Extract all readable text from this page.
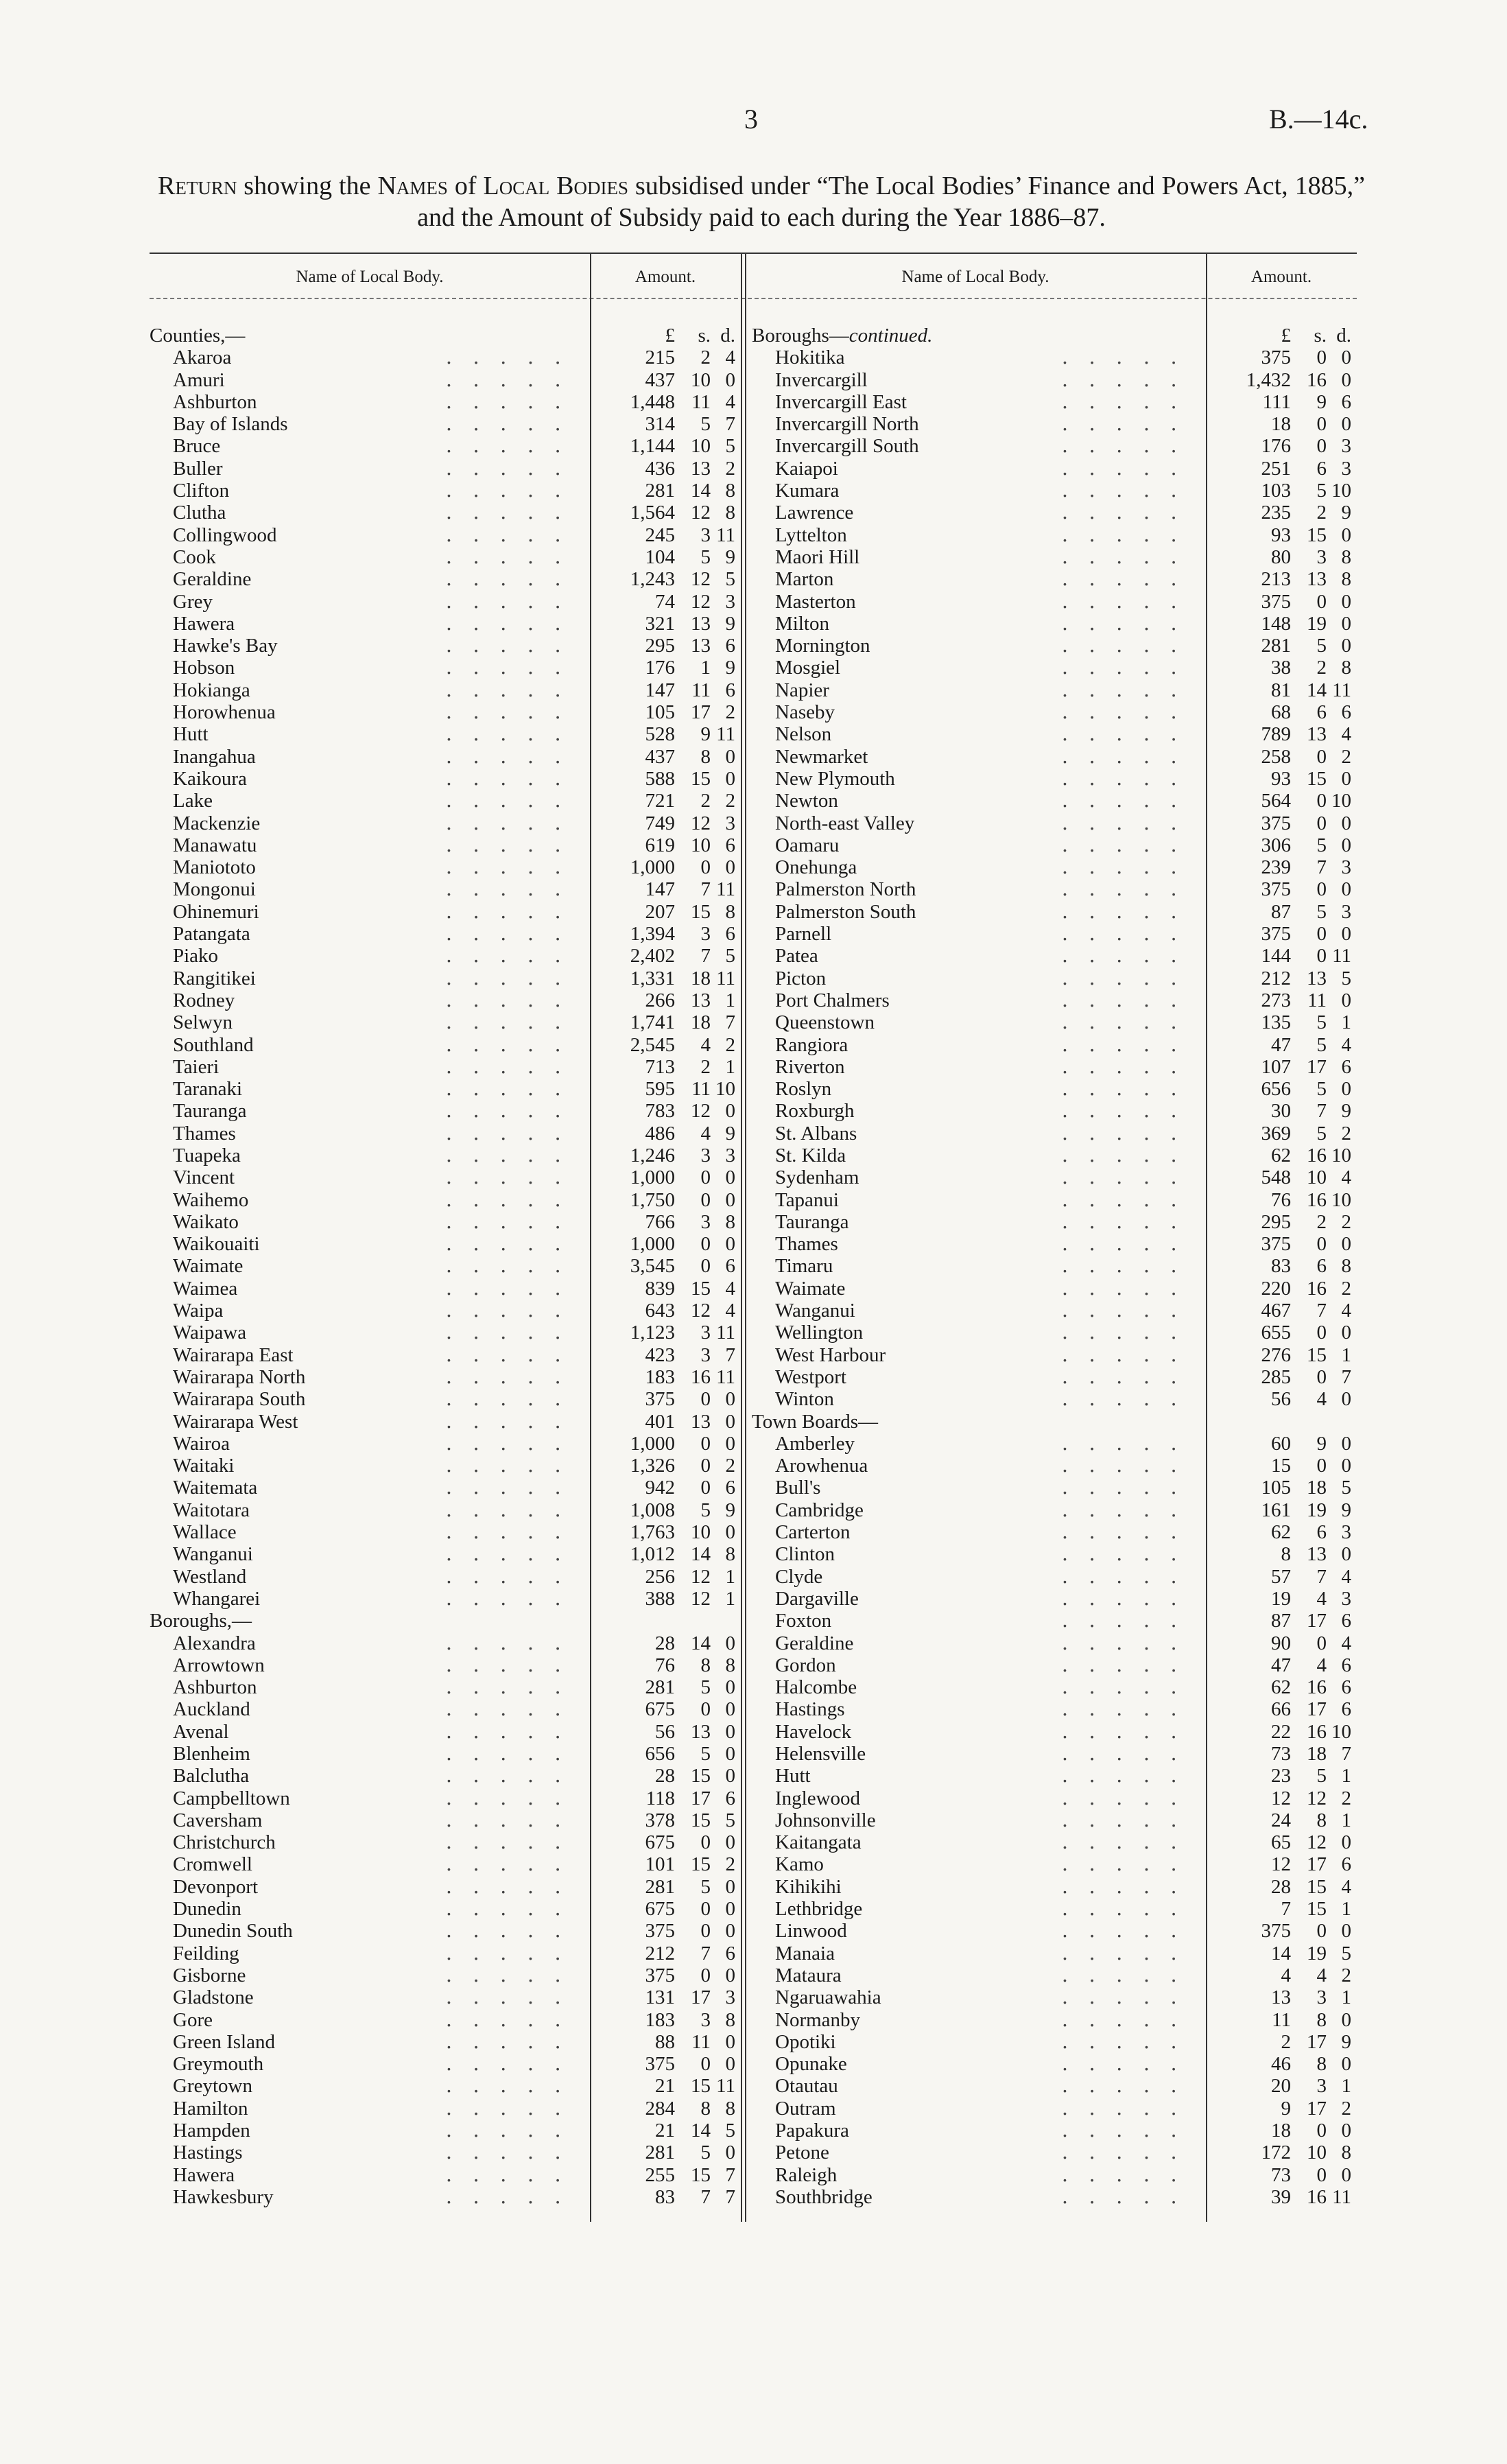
3	B.—14c.
Return showing the Names of Local Bodies subsidised under “The Local Bodies’ Finance and Powers Act, 1885,” and the Amount of Subsidy paid to each during the Year 1886–87.
Name of Local Body.	Amount.	Name of Local Body.	Amount.
Counties,—	£ s. d.
Akaroa	․․․․․	215 2 4
Amuri	․․․․․	437 10 0
Ashburton	․․․․․ 1,448 11 4
Bay of Islands	․․․․․	314 5 7
Bruce	․․․․․ 1,144 10 5
Buller	․․․․․	436 13 2
Clifton	․․․․․	281 14 8
Clutha	․․․․․ 1,564 12 8
Collingwood	․․․․․	245 3 11
Cook	․․․․․	104 5 9
Geraldine	․․․․․ 1,243 12 5
Grey	․․․․․	74 12 3
Hawera	․․․․․	321 13 9
Hawke's Bay	․․․․․	295 13 6
Hobson	․․․․․	176 1 9
Hokianga	․․․․․	147 11 6
Horowhenua	․․․․․	105 17 2
Hutt	․․․․․	528 9 11
Inangahua	․․․․․	437 8 0
Kaikoura	․․․․․	588 15 0
Lake	․․․․․	721 2 2
Mackenzie	․․․․․	749 12 3
Manawatu	․․․․․	619 10 6
Maniototo	․․․․․ 1,000 0 0
Mongonui	․․․․․	147 7 11
Ohinemuri	․․․․․	207 15 8
Patangata	․․․․․ 1,394 3 6
Piako	․․․․․ 2,402 7 5
Rangitikei	․․․․․ 1,331 18 11
Rodney	․․․․․	266 13 1
Selwyn	․․․․․ 1,741 18 7
Southland	․․․․․ 2,545 4 2
Taieri	․․․․․	713 2 1
Taranaki	․․․․․	595 11 10
Tauranga	․․․․․	783 12 0
Thames	․․․․․	486 4 9
Tuapeka	․․․․․ 1,246 3 3
Vincent	․․․․․ 1,000 0 0
Waihemo	․․․․․ 1,750 0 0
Waikato	․․․․․	766 3 8
Waikouaiti	․․․․․ 1,000 0 0
Waimate	․․․․․ 3,545 0 6
Waimea	․․․․․	839 15 4
Waipa	․․․․․	643 12 4
Waipawa	․․․․․ 1,123 3 11
Wairarapa East	․․․․․	423 3 7
Wairarapa North	․․․․․	183 16 11
Wairarapa South	․․․․․	375 0 0
Wairarapa West	․․․․․	401 13 0
Wairoa	․․․․․ 1,000 0 0
Waitaki	․․․․․ 1,326 0 2
Waitemata	․․․․․	942 0 6
Waitotara	․․․․․ 1,008 5 9
Wallace	․․․․․ 1,763 10 0
Wanganui	․․․․․ 1,012 14 8
Westland	․․․․․	256 12 1
Whangarei	․․․․․	388 12 1
Boroughs,—
Alexandra	․․․․․	28 14 0
Arrowtown	․․․․․	76 8 8
Ashburton	․․․․․	281 5 0
Auckland	․․․․․	675 0 0
Avenal	․․․․․	56 13 0
Blenheim	․․․․․	656 5 0
Balclutha	․․․․․	28 15 0
Campbelltown	․․․․․	118 17 6
Caversham	․․․․․	378 15 5
Christchurch	․․․․․	675 0 0
Cromwell	․․․․․	101 15 2
Devonport	․․․․․	281 5 0
Dunedin	․․․․․	675 0 0
Dunedin South	․․․․․	375 0 0
Feilding	․․․․․	212 7 6
Gisborne	․․․․․	375 0 0
Gladstone	․․․․․	131 17 3
Gore	․․․․․	183 3 8
Green Island	․․․․․	88 11 0
Greymouth	․․․․․	375 0 0
Greytown	․․․․․	21 15 11
Hamilton	․․․․․	284 8 8
Hampden	․․․․․	21 14 5
Hastings	․․․․․	281 5 0
Hawera	․․․․․	255 15 7
Hawkesbury	․․․․․	83 7 7
Boroughs—continued.	£ s. d.
Hokitika	․․․․․	375 0 0
Invercargill	․․․․․ 1,432 16 0
Invercargill East	․․․․․	111 9 6
Invercargill North	․․․․․	18 0 0
Invercargill South	․․․․․	176 0 3
Kaiapoi	․․․․․	251 6 3
Kumara	․․․․․	103 5 10
Lawrence	․․․․․	235 2 9
Lyttelton	․․․․․	93 15 0
Maori Hill	․․․․․	80 3 8
Marton	․․․․․	213 13 8
Masterton	․․․․․	375 0 0
Milton	․․․․․	148 19 0
Mornington	․․․․․	281 5 0
Mosgiel	․․․․․	38 2 8
Napier	․․․․․	81 14 11
Naseby	․․․․․	68 6 6
Nelson	․․․․․	789 13 4
Newmarket	․․․․․	258 0 2
New Plymouth	․․․․․	93 15 0
Newton	․․․․․	564 0 10
North-east Valley	․․․․․	375 0 0
Oamaru	․․․․․	306 5 0
Onehunga	․․․․․	239 7 3
Palmerston North	․․․․․	375 0 0
Palmerston South	․․․․․	87 5 3
Parnell	․․․․․	375 0 0
Patea	․․․․․	144 0 11
Picton	․․․․․	212 13 5
Port Chalmers	․․․․․	273 11 0
Queenstown	․․․․․	135 5 1
Rangiora	․․․․․	47 5 4
Riverton	․․․․․	107 17 6
Roslyn	․․․․․	656 5 0
Roxburgh	․․․․․	30 7 9
St. Albans	․․․․․	369 5 2
St. Kilda	․․․․․	62 16 10
Sydenham	․․․․․	548 10 4
Tapanui	․․․․․	76 16 10
Tauranga	․․․․․	295 2 2
Thames	․․․․․	375 0 0
Timaru	․․․․․	83 6 8
Waimate	․․․․․	220 16 2
Wanganui	․․․․․	467 7 4
Wellington	․․․․․	655 0 0
West Harbour	․․․․․	276 15 1
Westport	․․․․․	285 0 7
Winton	․․․․․	56 4 0
Town Boards—
Amberley	․․․․․	60 9 0
Arowhenua	․․․․․	15 0 0
Bull's	․․․․․	105 18 5
Cambridge	․․․․․	161 19 9
Carterton	․․․․․	62 6 3
Clinton	․․․․․	8 13 0
Clyde	․․․․․	57 7 4
Dargaville	․․․․․	19 4 3
Foxton	․․․․․	87 17 6
Geraldine	․․․․․	90 0 4
Gordon	․․․․․	47 4 6
Halcombe	․․․․․	62 16 6
Hastings	․․․․․	66 17 6
Havelock	․․․․․	22 16 10
Helensville	․․․․․	73 18 7
Hutt	․․․․․	23 5 1
Inglewood	․․․․․	12 12 2
Johnsonville	․․․․․	24 8 1
Kaitangata	․․․․․	65 12 0
Kamo	․․․․․	12 17 6
Kihikihi	․․․․․	28 15 4
Lethbridge	․․․․․	7 15 1
Linwood	․․․․․	375 0 0
Manaia	․․․․․	14 19 5
Mataura	․․․․․	4 4 2
Ngaruawahia	․․․․․	13 3 1
Normanby	․․․․․	11 8 0
Opotiki	․․․․․	2 17 9
Opunake	․․․․․	46 8 0
Otautau	․․․․․	20 3 1
Outram	․․․․․	9 17 2
Papakura	․․․․․	18 0 0
Petone	․․․․․	172 10 8
Raleigh	․․․․․	73 0 0
Southbridge	․․․․․	39 16 11
